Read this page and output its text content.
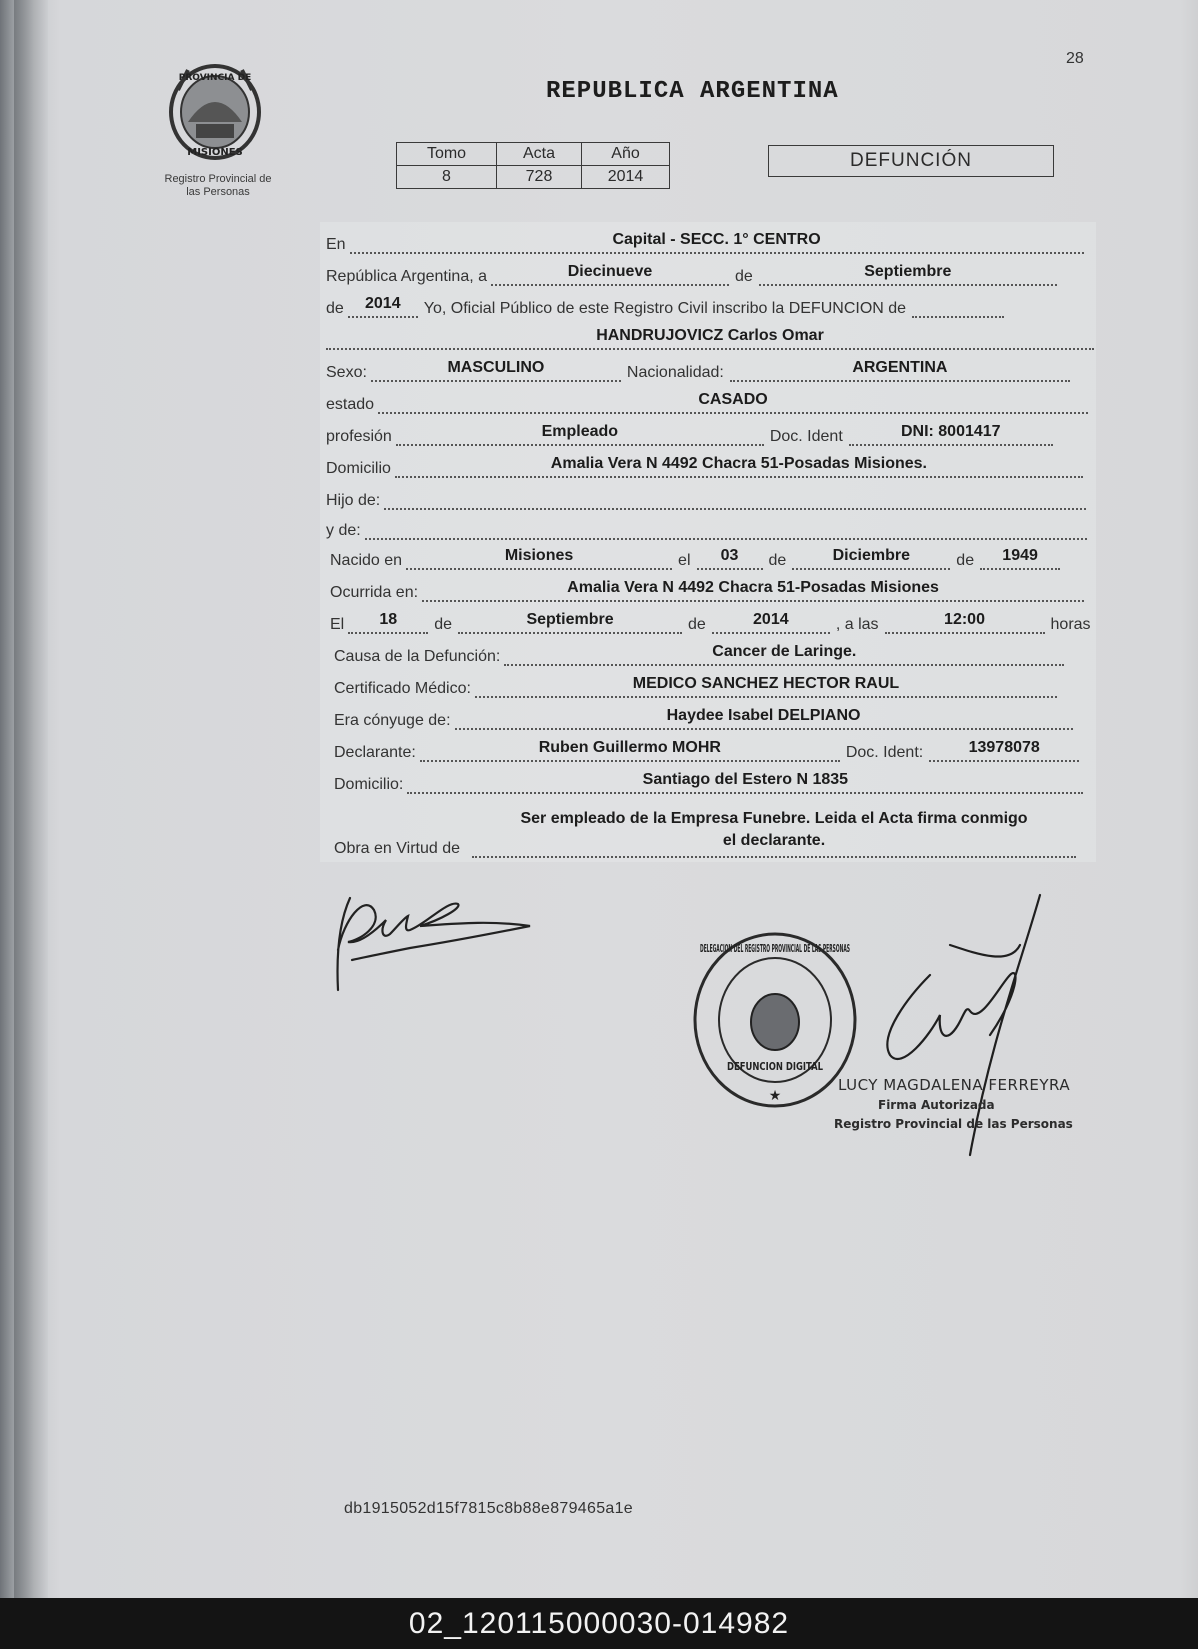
28
PROVINCIA DE
MISIONES
Registro Provincial de
las Personas
REPUBLICA ARGENTINA
Tomo	Acta	Año
8	728	2014
DEFUNCIÓN
En	Capital - SECC. 1° CENTRO
República Argentina, a	Diecinueve	de	Septiembre
de	2014	Yo, Oficial Público de este Registro Civil inscribo la DEFUNCION de
HANDRUJOVICZ Carlos Omar
Sexo:	MASCULINO	Nacionalidad:	ARGENTINA
estado	CASADO
profesión	Empleado	Doc. Ident	DNI: 8001417
Domicilio	Amalia Vera N 4492 Chacra 51-Posadas Misiones.
Hijo de:
y de:
Nacido en	Misiones	el	03	de	Diciembre	de	1949
Ocurrida en:	Amalia Vera N 4492 Chacra 51-Posadas Misiones
El	18	de	Septiembre	de	2014	, a las	12:00	horas
Causa de la Defunción:	Cancer de Laringe.
Certificado Médico:	MEDICO SANCHEZ HECTOR RAUL
Era cónyuge de:	Haydee Isabel DELPIANO
Declarante:	Ruben Guillermo MOHR	Doc. Ident:	13978078
Domicilio:	Santiago del Estero N 1835
Obra en Virtud de
Ser empleado de la Empresa Funebre. Leida el Acta firma conmigo
el declarante.
DELEGACION DEL REGISTRO PROVINCIAL DE LAS PERSONAS
DEFUNCION DIGITAL
★
LUCY MAGDALENA FERREYRA
Firma Autorizada
Registro Provincial de las Personas
db1915052d15f7815c8b88e879465a1e
02_120115000030-014982
